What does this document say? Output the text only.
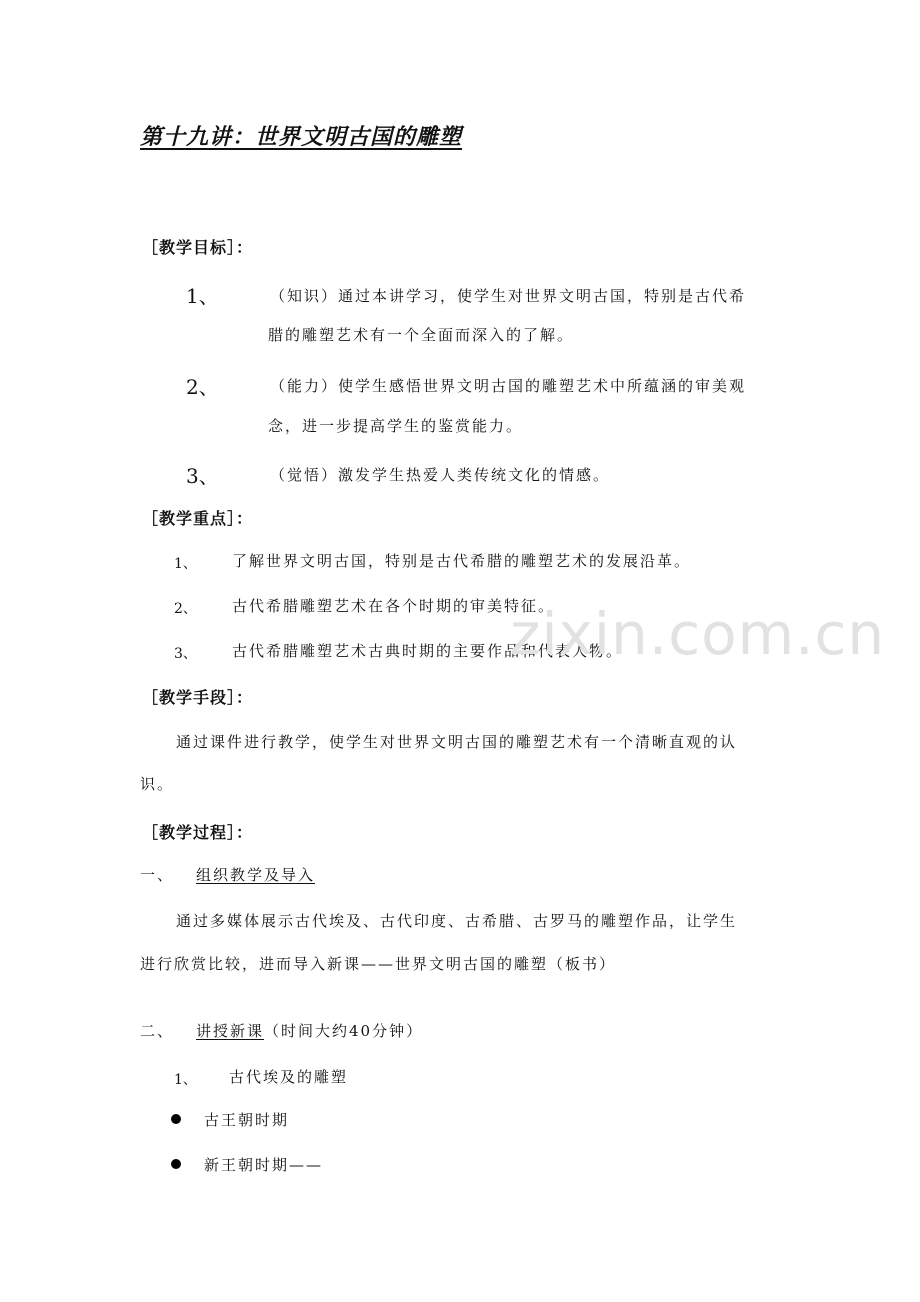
第十九讲：世界文明古国的雕塑
［教学目标］：
1、	（知识）通过本讲学习，使学生对世界文明古国，特别是古代希
腊的雕塑艺术有一个全面而深入的了解。
2、	（能力）使学生感悟世界文明古国的雕塑艺术中所蕴涵的审美观
念，进一步提高学生的鉴赏能力。
3、	（觉悟）激发学生热爱人类传统文化的情感。
［教学重点］：
1、 了解世界文明古国，特别是古代希腊的雕塑艺术的发展沿革。
2、 古代希腊雕塑艺术在各个时期的审美特征。
3、 古代希腊雕塑艺术古典时期的主要作品和代表人物。
［教学手段］：
通过课件进行教学，使学生对世界文明古国的雕塑艺术有一个清晰直观的认
识。
［教学过程］：
一、 组织教学及导入
通过多媒体展示古代埃及、古代印度、古希腊、古罗马的雕塑作品，让学生
进行欣赏比较，进而导入新课——世界文明古国的雕塑（板书）
二、 讲授新课（时间大约40分钟）
1、 古代埃及的雕塑
古王朝时期
新王朝时期——
zixin.com.cn
